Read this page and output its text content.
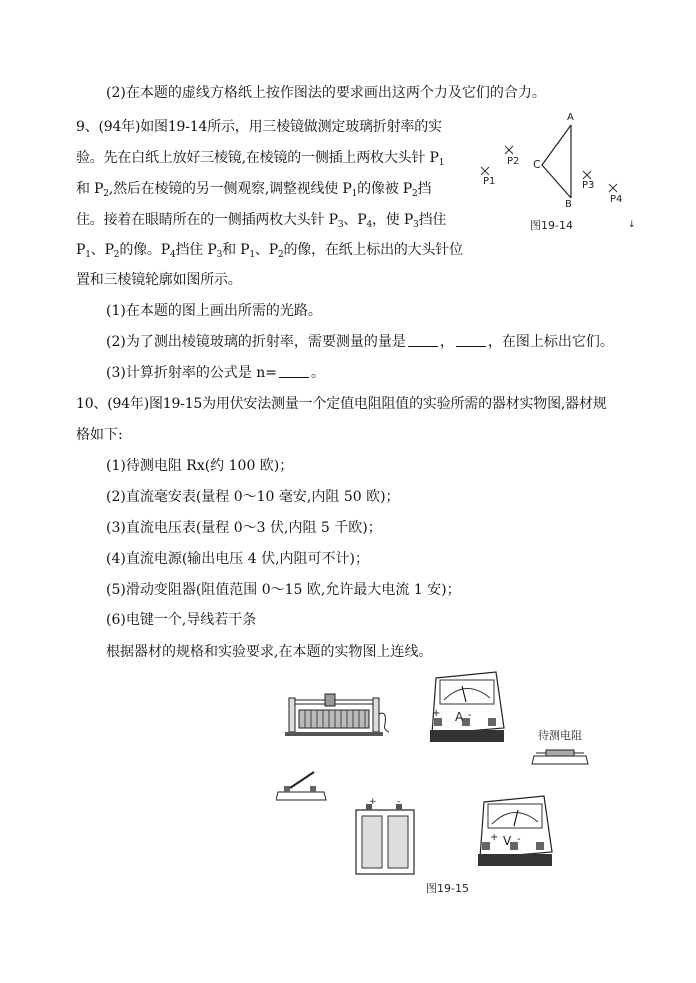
(2)在本题的虚线方格纸上按作图法的要求画出这两个力及它们的合力。
9、(94年)如图19-14所示，用三棱镜做测定玻璃折射率的实
验。先在白纸上放好三棱镜,在棱镜的一侧插上两枚大头针 $P_1$
和 $P_2$,然后在棱镜的另一侧观察,调整视线使 $P_1$的像被 $P_2$挡
住。接着在眼睛所在的一侧插两枚大头针 $P_3$、$P_4$，使 $P_3$挡住
$P_1$、$P_2$的像。$P_4$挡住 $P_3$和 $P_1$、$P_2$的像，在纸上标出的大头针位
置和三棱镜轮廓如图所示。
(1)在本题的图上画出所需的光路。
(2)为了测出棱镜玻璃的折射率，需要测量的量是 ， ，在图上标出它们。
(3)计算折射率的公式是 n= 。
A
C
B
P1
P2
P3
P4
图19-14	↓
10、(94年)图19-15为用伏安法测量一个定值电阻阻值的实验所需的器材实物图,器材规
格如下:
(1)待测电阻 Rx(约 100 欧)；
(2)直流毫安表(量程 0～10 毫安,内阻 50 欧)；
(3)直流电压表(量程 0～3 伏,内阻 5 千欧)；
(4)直流电源(输出电压 4 伏,内阻可不计)；
(5)滑动变阻器(阻值范围 0～15 欧,允许最大电流 1 安)；
(6)电键一个,导线若干条
根据器材的规格和实验要求,在本题的实物图上连线。
+ A -
待测电阻
+ -
+ V -
图19-15
